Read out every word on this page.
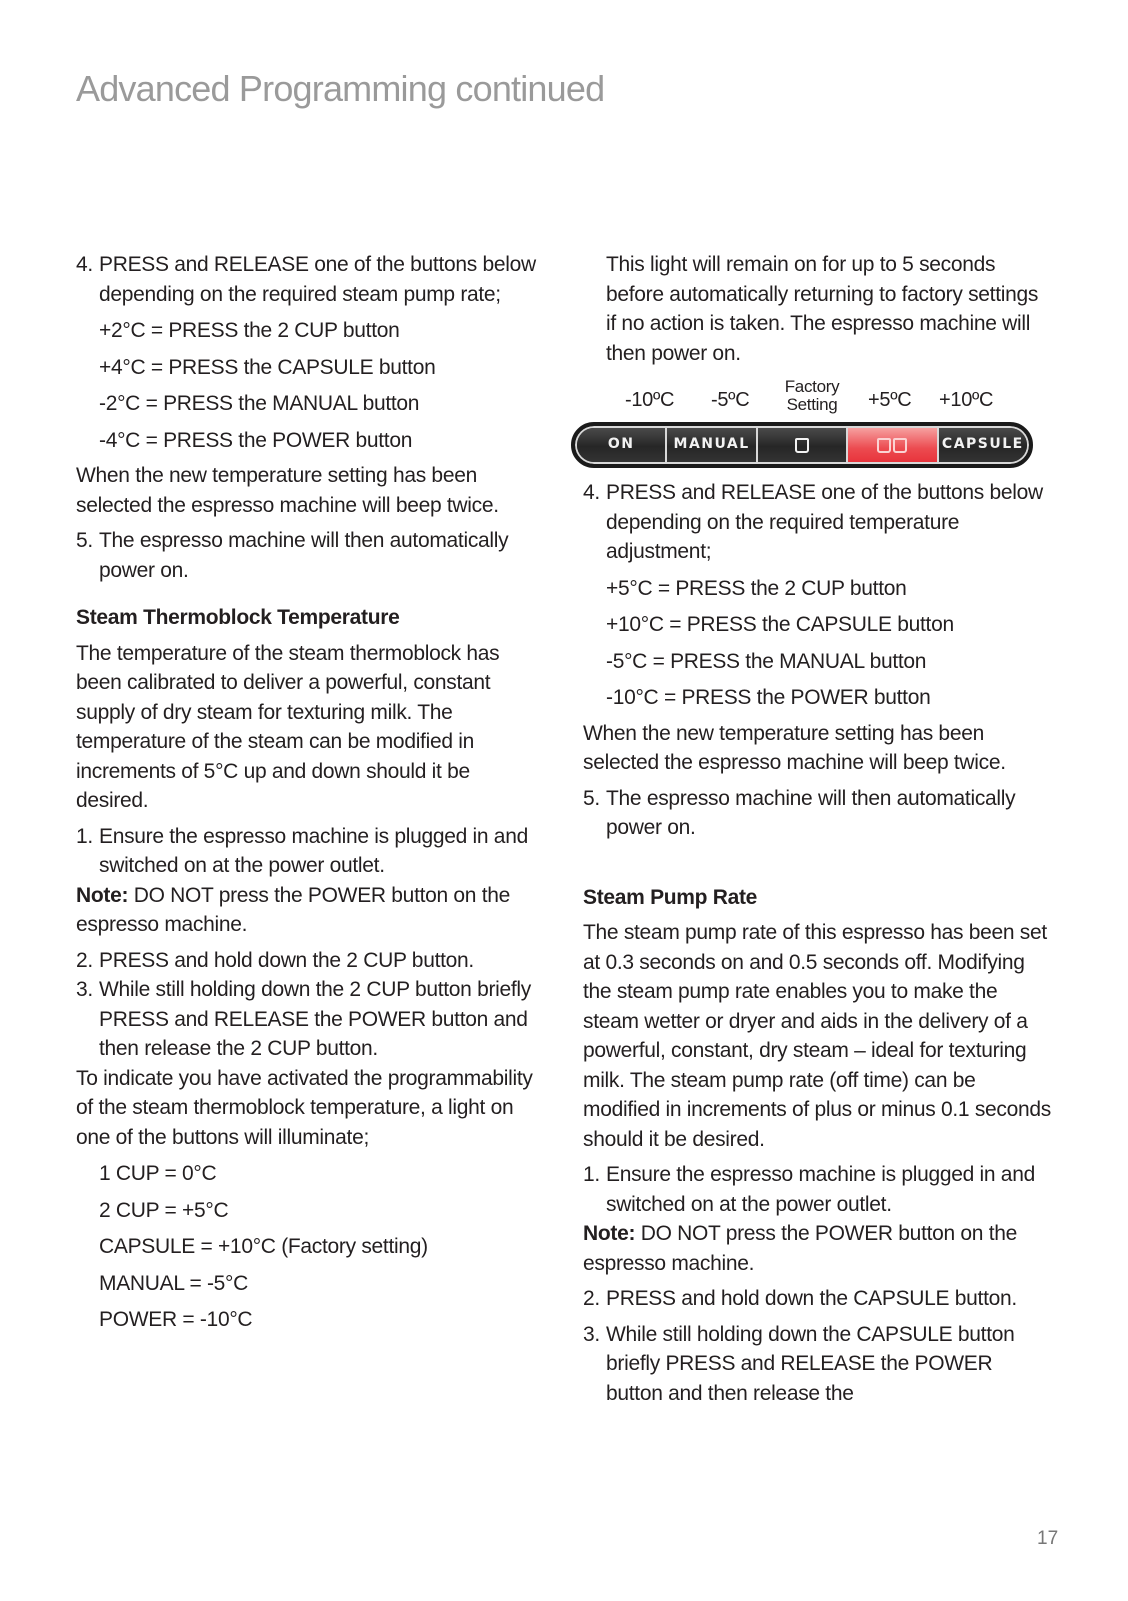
Advanced Programming continued
4. PRESS and RELEASE one of the buttons below depending on the required steam pump rate;

+2°C = PRESS the 2 CUP button

+4°C = PRESS the CAPSULE button

-2°C = PRESS the MANUAL button

-4°C = PRESS the POWER button

When the new temperature setting has been selected the espresso machine will beep twice.

5. The espresso machine will then automatically power on.

Steam Thermoblock Temperature

The temperature of the steam thermoblock has been calibrated to deliver a powerful, constant supply of dry steam for texturing milk. The temperature of the steam can be modified in increments of 5°C up and down should it be desired.

1. Ensure the espresso machine is plugged in and switched on at the power outlet.

Note: DO NOT press the POWER button on the espresso machine.

2. PRESS and hold down the 2 CUP button.
3. While still holding down the 2 CUP button briefly PRESS and RELEASE the POWER button and then release the 2 CUP button.

To indicate you have activated the programmability of the steam thermoblock temperature, a light on one of the buttons will illuminate;

1 CUP = 0°C

2 CUP = +5°C

CAPSULE = +10°C (Factory setting)

MANUAL = -5°C

POWER = -10°C

This light will remain on for up to 5 seconds before automatically returning to factory settings if no action is taken. The espresso machine will then power on.

-10ºC -5ºC
Factory Setting +5ºC +10ºC
ON	MANUAL	CAPSULE
4. PRESS and RELEASE one of the buttons below depending on the required temperature adjustment;

+5°C = PRESS the 2 CUP button

+10°C = PRESS the CAPSULE button

-5°C = PRESS the MANUAL button

-10°C = PRESS the POWER button

When the new temperature setting has been selected the espresso machine will beep twice.

5. The espresso machine will then automatically power on.

Steam Pump Rate

The steam pump rate of this espresso has been set at 0.3 seconds on and 0.5 seconds off. Modifying the steam pump rate enables you to make the steam wetter or dryer and aids in the delivery of a powerful, constant, dry steam – ideal for texturing milk. The steam pump rate (off time) can be modified in increments of plus or minus 0.1 seconds should it be desired.

1. Ensure the espresso machine is plugged in and switched on at the power outlet.

Note: DO NOT press the POWER button on the espresso machine.

2. PRESS and hold down the CAPSULE button.
3. While still holding down the CAPSULE button briefly PRESS and RELEASE the POWER button and then release the
17
